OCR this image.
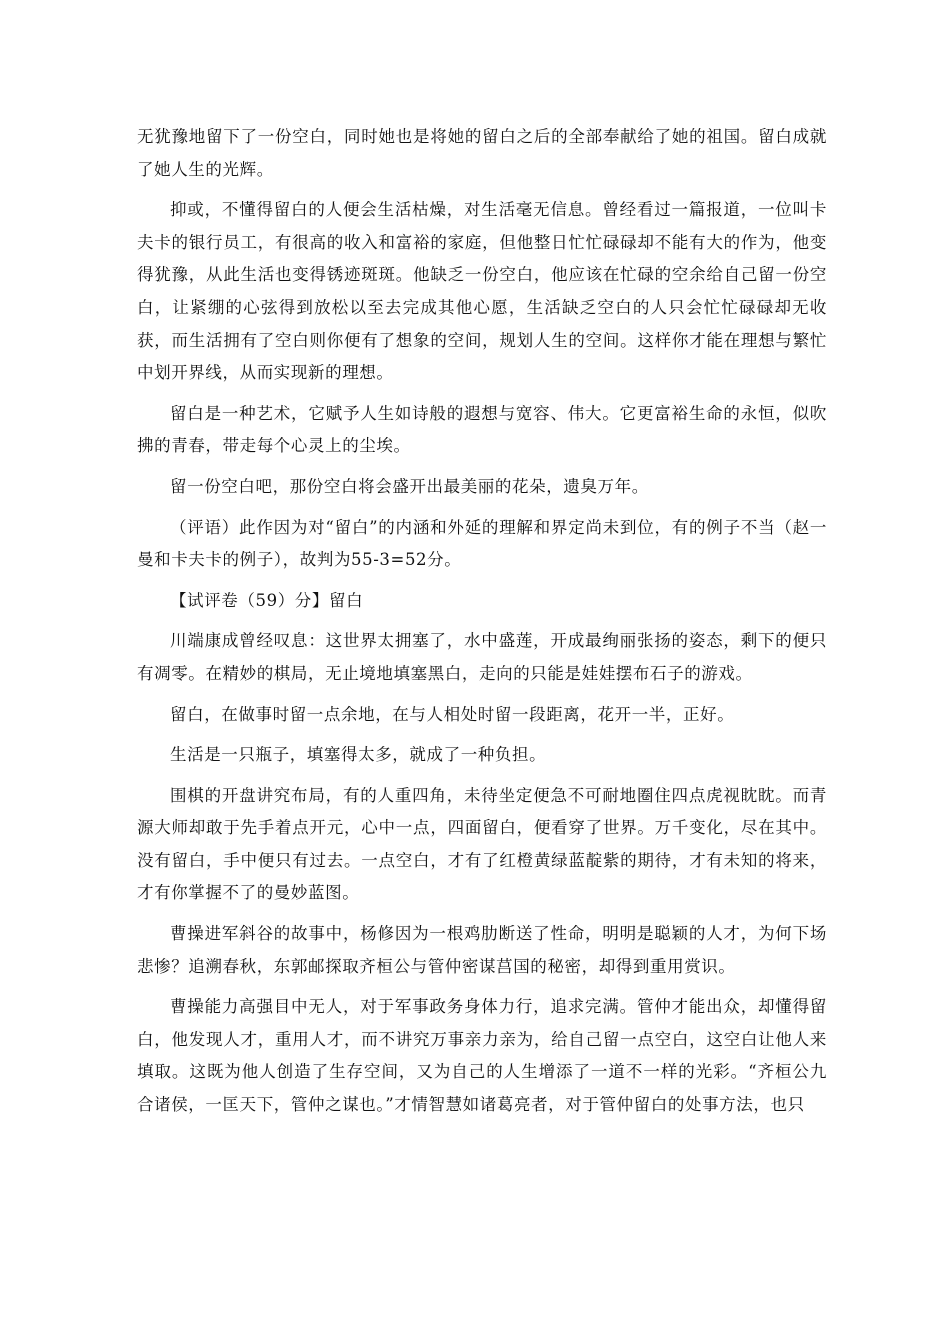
无犹豫地留下了一份空白，同时她也是将她的留白之后的全部奉献给了她的祖国。留白成就了她人生的光辉。

抑或，不懂得留白的人便会生活枯燥，对生活毫无信息。曾经看过一篇报道，一位叫卡夫卡的银行员工，有很高的收入和富裕的家庭，但他整日忙忙碌碌却不能有大的作为，他变得犹豫，从此生活也变得锈迹斑斑。他缺乏一份空白，他应该在忙碌的空余给自己留一份空白，让紧绷的心弦得到放松以至去完成其他心愿，生活缺乏空白的人只会忙忙碌碌却无收获，而生活拥有了空白则你便有了想象的空间，规划人生的空间。这样你才能在理想与繁忙中划开界线，从而实现新的理想。

留白是一种艺术，它赋予人生如诗般的遐想与宽容、伟大。它更富裕生命的永恒，似吹拂的青春，带走每个心灵上的尘埃。

留一份空白吧，那份空白将会盛开出最美丽的花朵，遗臭万年。

（评语）此作因为对“留白”的内涵和外延的理解和界定尚未到位，有的例子不当（赵一曼和卡夫卡的例子），故判为55-3=52分。

【试评卷（59）分】留白

川端康成曾经叹息：这世界太拥塞了，水中盛莲，开成最绚丽张扬的姿态，剩下的便只有凋零。在精妙的棋局，无止境地填塞黑白，走向的只能是娃娃摆布石子的游戏。

留白，在做事时留一点余地，在与人相处时留一段距离，花开一半，正好。

生活是一只瓶子，填塞得太多，就成了一种负担。

围棋的开盘讲究布局，有的人重四角，未待坐定便急不可耐地圈住四点虎视眈眈。而青源大师却敢于先手着点开元，心中一点，四面留白，便看穿了世界。万千变化，尽在其中。没有留白，手中便只有过去。一点空白，才有了红橙黄绿蓝靛紫的期待，才有未知的将来，才有你掌握不了的曼妙蓝图。

曹操进军斜谷的故事中，杨修因为一根鸡肋断送了性命，明明是聪颖的人才，为何下场悲惨？追溯春秋，东郭邮探取齐桓公与管仲密谋莒国的秘密，却得到重用赏识。

曹操能力高强目中无人，对于军事政务身体力行，追求完满。管仲才能出众，却懂得留白，他发现人才，重用人才，而不讲究万事亲力亲为，给自己留一点空白，这空白让他人来填取。这既为他人创造了生存空间，又为自己的人生增添了一道不一样的光彩。“齐桓公九合诸侯，一匡天下，管仲之谋也。”才情智慧如诸葛亮者，对于管仲留白的处事方法，也只
